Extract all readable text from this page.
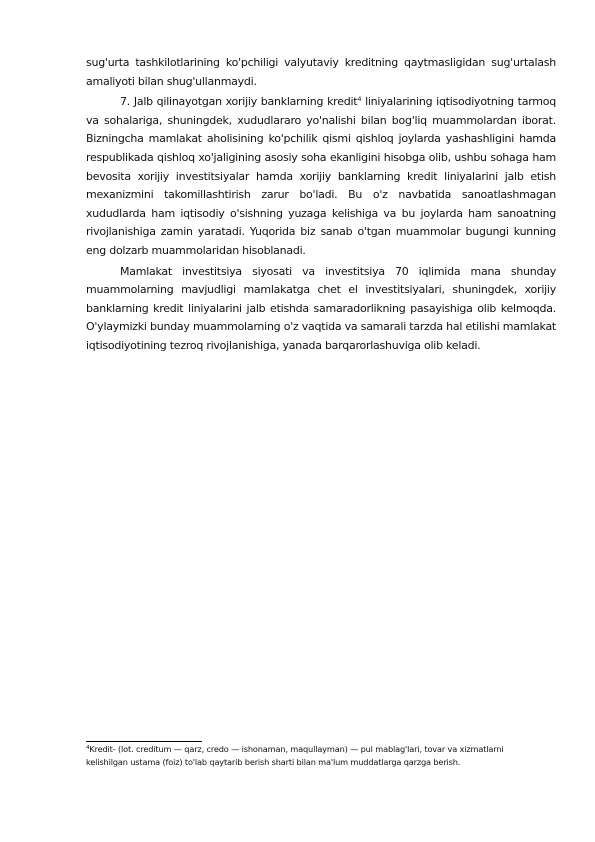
sug'urta tashkilotlarining ko'pchiligi valyutaviy kreditning qaytmasligidan sug'urtalash amaliyoti bilan shug'ullanmaydi.

7. Jalb qilinayotgan xorijiy banklarning kredit$^4$ liniyalarining iqtisodiyotning tarmoq va sohalariga, shuningdek, xududlararo yo'nalishi bilan bog'liq muammolardan iborat. Bizningcha mamlakat aholisining ko'pchilik qismi qishloq joylarda yashashligini hamda respublikada qishloq xo'jaligining asosiy soha ekanligini hisobga olib, ushbu sohaga ham bevosita xorijiy investitsiyalar hamda xorijiy banklarning kredit liniyalarini jalb etish mexanizmini takomillashtirish zarur bo'ladi. Bu o'z navbatida sanoatlashmagan xududlarda ham iqtisodiy o'sishning yuzaga kelishiga va bu joylarda ham sanoatning rivojlanishiga zamin yaratadi. Yuqorida biz sanab o'tgan muammolar bugungi kunning eng dolzarb muammolaridan hisoblanadi.

Mamlakat investitsiya siyosati va investitsiya 70 iqlimida mana shunday muammolarning mavjudligi mamlakatga chet el investitsiyalari, shuningdek, xorijiy banklarning kredit liniyalarini jalb etishda samaradorlikning pasayishiga olib kelmoqda. O'ylaymizki bunday muammolarning o'z vaqtida va samarali tarzda hal etilishi mamlakat iqtisodiyotining tezroq rivojlanishiga, yanada barqarorlashuviga olib keladi.

$^4$Kredit- (lot. creditum — qarz, credo — ishonaman, maqullayman) — pul mablag'lari, tovar va xizmatlarni kelishilgan ustama (foiz) to'lab qaytarib berish sharti bilan ma'lum muddatlarga qarzga berish.
